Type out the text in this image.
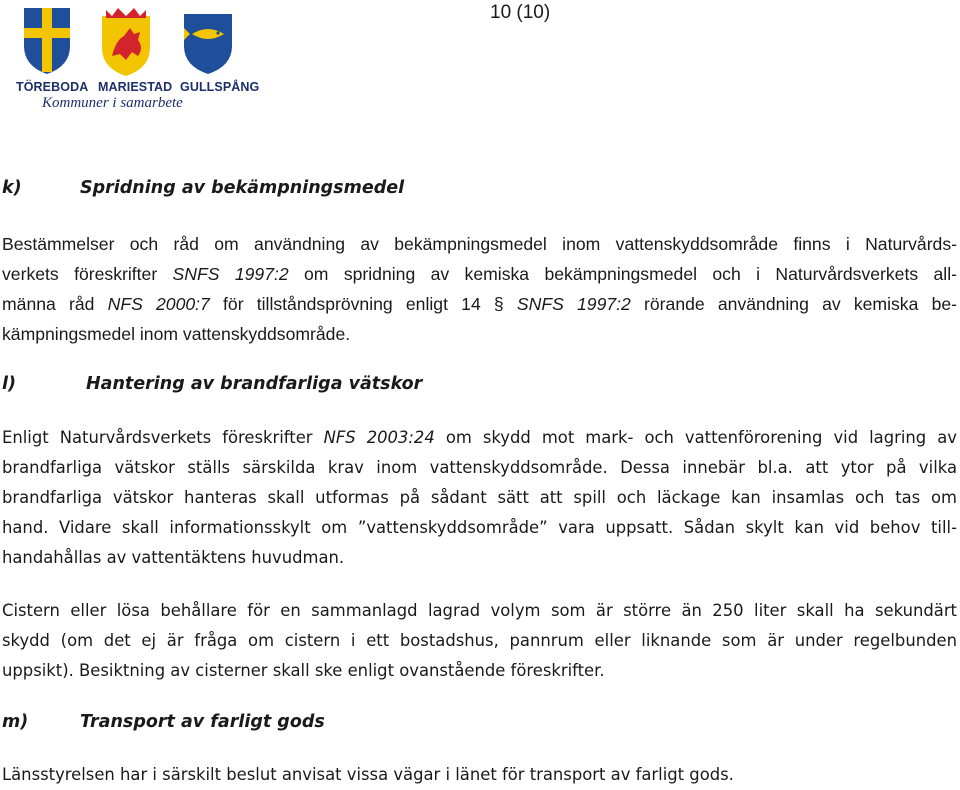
10 (10)
TÖREBODA MARIESTAD GULLSPÅNG
Kommuner i samarbete
k)	Spridning av bekämpningsmedel
Bestämmelser och råd om användning av bekämpningsmedel inom vattenskyddsområde finns i Naturvårds-
verkets föreskrifter SNFS 1997:2 om spridning av kemiska bekämpningsmedel och i Naturvårdsverkets all-
männa råd NFS 2000:7 för tillståndsprövning enligt 14 § SNFS 1997:2 rörande användning av kemiska be-
kämpningsmedel inom vattenskyddsområde.
l)	Hantering av brandfarliga vätskor
Enligt Naturvårdsverkets föreskrifter NFS 2003:24 om skydd mot mark- och vattenförorening vid lagring av
brandfarliga vätskor ställs särskilda krav inom vattenskyddsområde. Dessa innebär bl.a. att ytor på vilka
brandfarliga vätskor hanteras skall utformas på sådant sätt att spill och läckage kan insamlas och tas om
hand. Vidare skall informationsskylt om ”vattenskyddsområde” vara uppsatt. Sådan skylt kan vid behov till-
handahållas av vattentäktens huvudman.
Cistern eller lösa behållare för en sammanlagd lagrad volym som är större än 250 liter skall ha sekundärt
skydd (om det ej är fråga om cistern i ett bostadshus, pannrum eller liknande som är under regelbunden
uppsikt). Besiktning av cisterner skall ske enligt ovanstående föreskrifter.
m)	Transport av farligt gods
Länsstyrelsen har i särskilt beslut anvisat vissa vägar i länet för transport av farligt gods.
